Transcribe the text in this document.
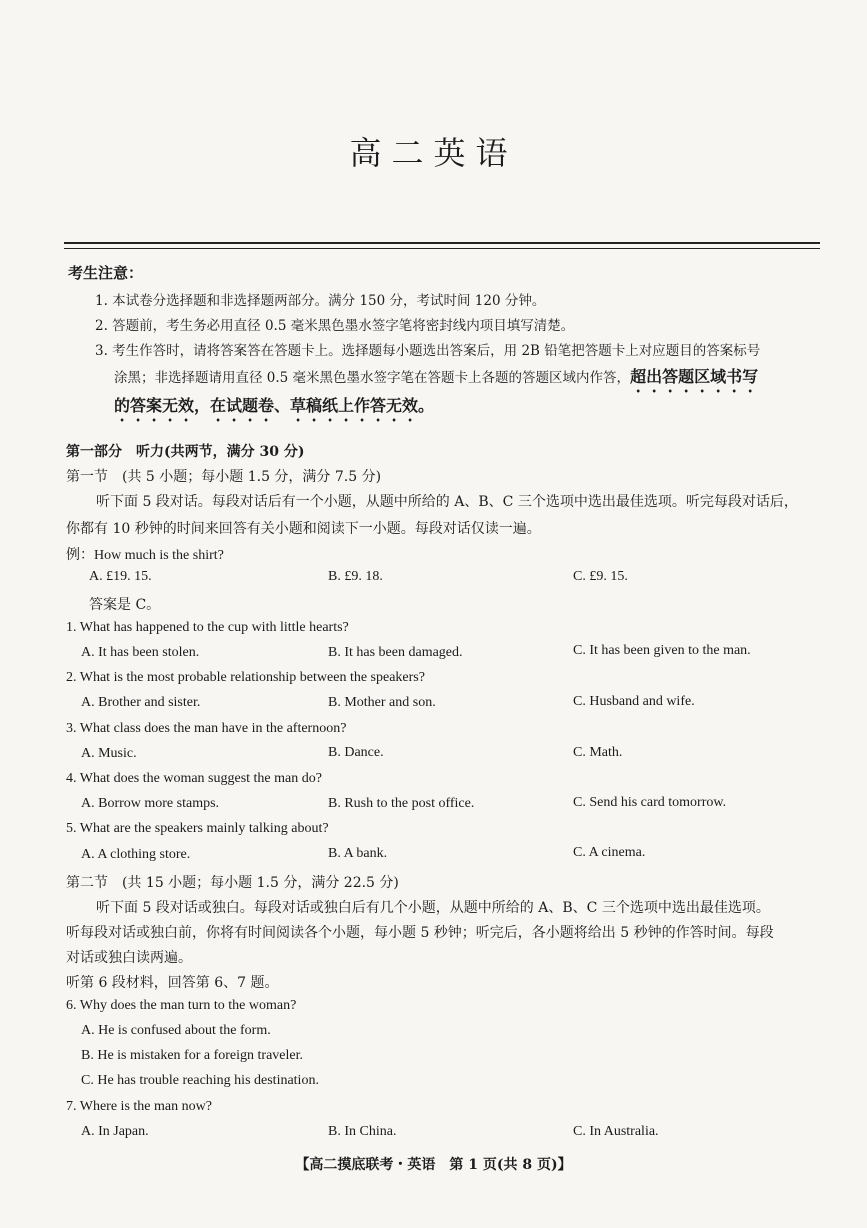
高二英语
考生注意：
1. 本试卷分选择题和非选择题两部分。满分 150 分，考试时间 120 分钟。
2. 答题前，考生务必用直径 0.5 毫米黑色墨水签字笔将密封线内项目填写清楚。
3. 考生作答时，请将答案答在答题卡上。选择题每小题选出答案后，用 2B 铅笔把答题卡上对应题目的答案标号
涂黑；非选择题请用直径 0.5 毫米黑色墨水签字笔在答题卡上各题的答题区域内作答，超出答题区域书写
的答案无效，在试题卷、草稿纸上作答无效。
第一部分　听力(共两节，满分 30 分)
第一节　(共 5 小题；每小题 1.5 分，满分 7.5 分)
听下面 5 段对话。每段对话后有一个小题，从题中所给的 A、B、C 三个选项中选出最佳选项。听完每段对话后，
你都有 10 秒钟的时间来回答有关小题和阅读下一小题。每段对话仅读一遍。
例：How much is the shirt?
A. £19. 15.	B. £9. 18.	C. £9. 15.
答案是 C。
1. What has happened to the cup with little hearts?
A. It has been stolen.	B. It has been damaged.	C. It has been given to the man.
2. What is the most probable relationship between the speakers?
A. Brother and sister.	B. Mother and son.	C. Husband and wife.
3. What class does the man have in the afternoon?
A. Music.	B. Dance.	C. Math.
4. What does the woman suggest the man do?
A. Borrow more stamps.	B. Rush to the post office.	C. Send his card tomorrow.
5. What are the speakers mainly talking about?
A. A clothing store.	B. A bank.	C. A cinema.
第二节　(共 15 小题；每小题 1.5 分，满分 22.5 分)
听下面 5 段对话或独白。每段对话或独白后有几个小题，从题中所给的 A、B、C 三个选项中选出最佳选项。
听每段对话或独白前，你将有时间阅读各个小题，每小题 5 秒钟；听完后，各小题将给出 5 秒钟的作答时间。每段
对话或独白读两遍。
听第 6 段材料，回答第 6、7 题。
6. Why does the man turn to the woman?
A. He is confused about the form.
B. He is mistaken for a foreign traveler.
C. He has trouble reaching his destination.
7. Where is the man now?
A. In Japan.	B. In China.	C. In Australia.
【高二摸底联考・英语　第 1 页(共 8 页)】
